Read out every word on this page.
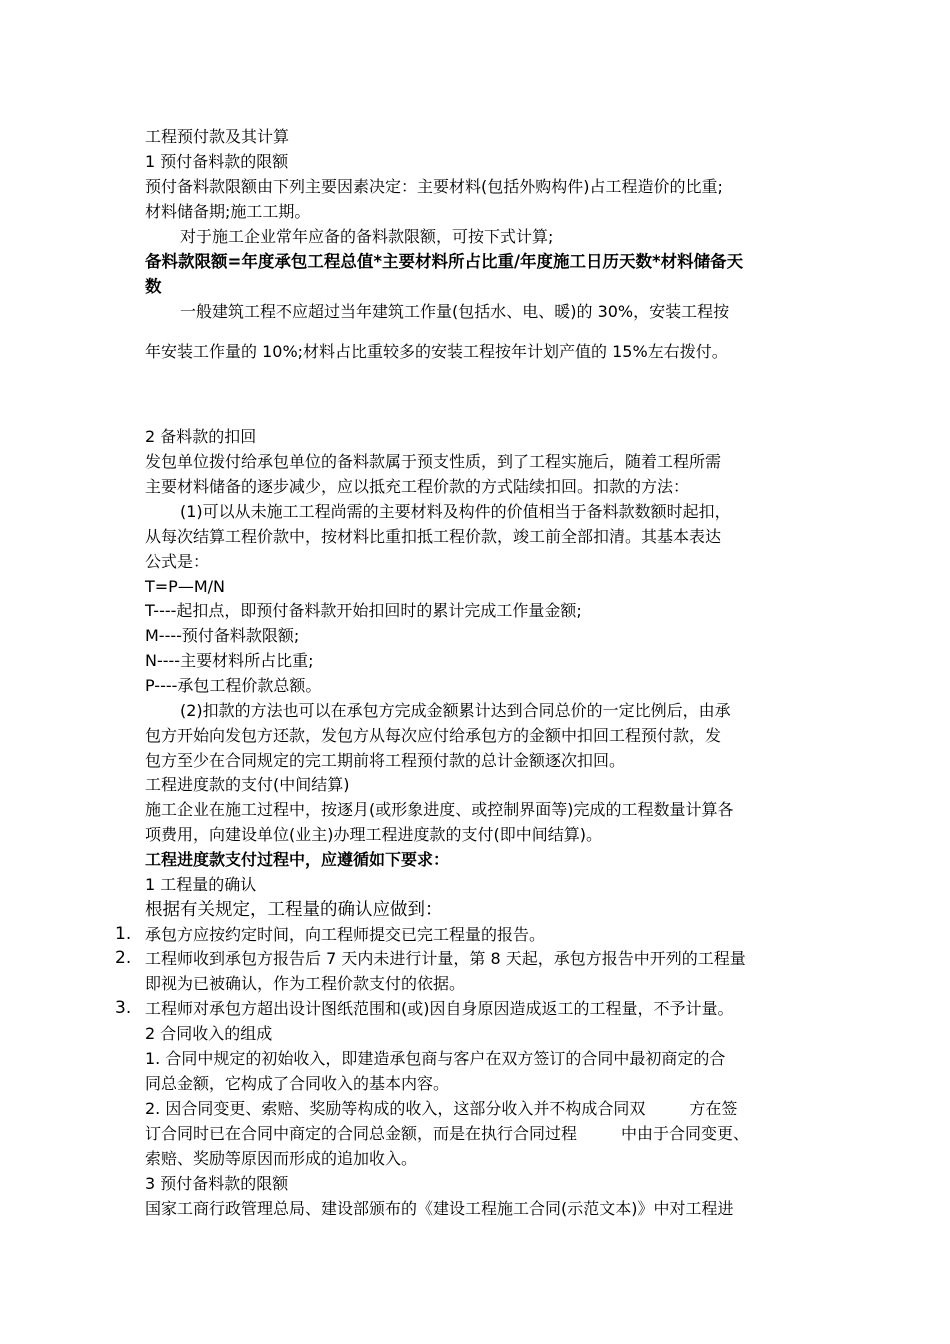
工程预付款及其计算
1 预付备料款的限额
预付备料款限额由下列主要因素决定：主要材料(包括外购构件)占工程造价的比重;
材料储备期;施工工期。
对于施工企业常年应备的备料款限额，可按下式计算;
备料款限额=年度承包工程总值*主要材料所占比重/年度施工日历天数*材料储备天
数
一般建筑工程不应超过当年建筑工作量(包括水、电、暖)的 30%，安装工程按
年安装工作量的 10%;材料占比重较多的安装工程按年计划产值的 15%左右拨付。
2 备料款的扣回
发包单位拨付给承包单位的备料款属于预支性质，到了工程实施后，随着工程所需
主要材料储备的逐步减少，应以抵充工程价款的方式陆续扣回。扣款的方法：
(1)可以从未施工工程尚需的主要材料及构件的价值相当于备料款数额时起扣，
从每次结算工程价款中，按材料比重扣抵工程价款，竣工前全部扣清。其基本表达
公式是：
T=P—M/N
T----起扣点，即预付备料款开始扣回时的累计完成工作量金额;
M----预付备料款限额;
N----主要材料所占比重;
P----承包工程价款总额。
(2)扣款的方法也可以在承包方完成金额累计达到合同总价的一定比例后，由承
包方开始向发包方还款，发包方从每次应付给承包方的金额中扣回工程预付款，发
包方至少在合同规定的完工期前将工程预付款的总计金额逐次扣回。
工程进度款的支付(中间结算)
施工企业在施工过程中，按逐月(或形象进度、或控制界面等)完成的工程数量计算各
项费用，向建设单位(业主)办理工程进度款的支付(即中间结算)。
工程进度款支付过程中，应遵循如下要求：
1 工程量的确认
根据有关规定，工程量的确认应做到：
1. 承包方应按约定时间，向工程师提交已完工程量的报告。
2. 工程师收到承包方报告后 7 天内未进行计量，第 8 天起，承包方报告中开列的工程量
即视为已被确认，作为工程价款支付的依据。
3. 工程师对承包方超出设计图纸范围和(或)因自身原因造成返工的工程量，不予计量。
2 合同收入的组成
1. 合同中规定的初始收入，即建造承包商与客户在双方签订的合同中最初商定的合
同总金额，它构成了合同收入的基本内容。
2. 因合同变更、索赔、奖励等构成的收入，这部分收入并不构成合同双	方在签
订合同时已在合同中商定的合同总金额，而是在执行合同过程	中由于合同变更、
索赔、奖励等原因而形成的追加收入。
3 预付备料款的限额
国家工商行政管理总局、建设部颁布的《建设工程施工合同(示范文本)》中对工程进
